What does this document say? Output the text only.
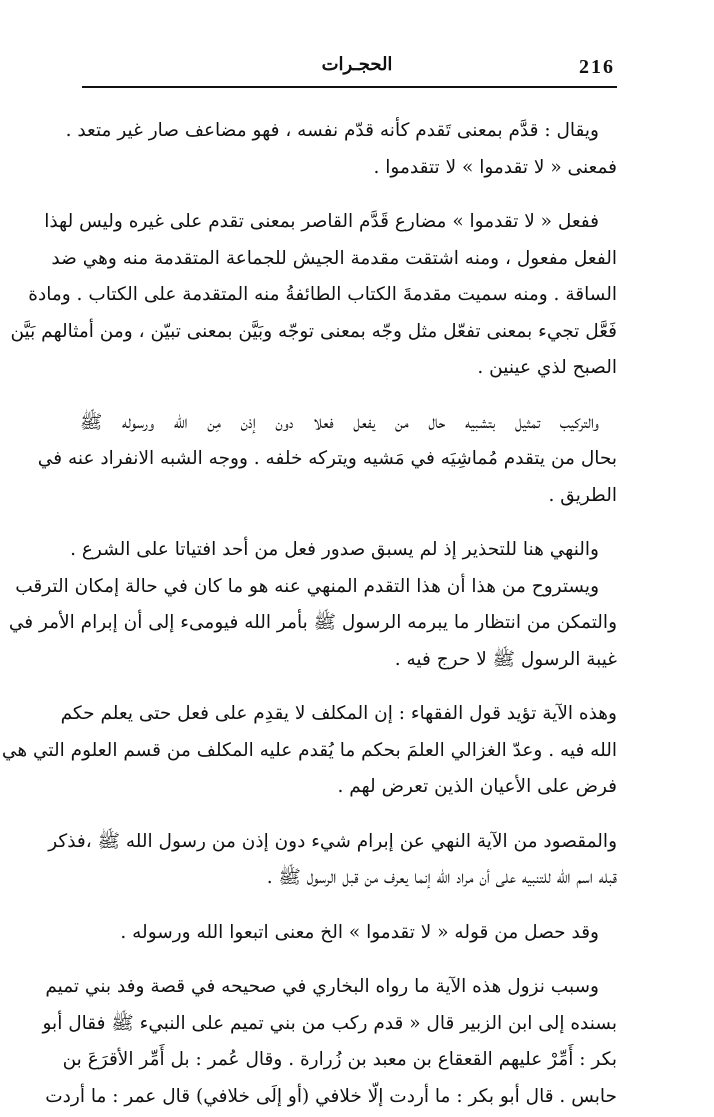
216
الحجـرات
ويقال : قدَّم بمعنى تَقدم كأنه قدّم نفسه ، فهو مضاعف صار غير متعد .
فمعنى « لا تقدموا » لا تتقدموا .
ففعل « لا تقدموا » مضارع قَدَّم القاصر بمعنى تقدم على غيره وليس لهذا
الفعل مفعول ، ومنه اشتقت مقدمة الجيش للجماعة المتقدمة منه وهي ضد
الساقة . ومنه سميت مقدمةَ الكتاب الطائفةُ منه المتقدمة على الكتاب . ومادة
فَعَّل تجيء بمعنى تفعّل مثل وجّه بمعنى توجّه وبَيَّن بمعنى تبيّن ، ومن أمثالهم بَيَّن
الصبح لذي عينين .
والتركيب تمثيل بتشبيه حال من يفعل فعلا دون إذن مِن الله ورسوله ﷺ
بحال من يتقدم مُماشِيَه في مَشيه ويتركه خلفه . ووجه الشبه الانفراد عنه في
الطريق .
والنهي هنا للتحذير إذ لم يسبق صدور فعل من أحد افتياتا على الشرع .
ويستروح من هذا أن هذا التقدم المنهي عنه هو ما كان في حالة إمكان الترقب
والتمكن من انتظار ما يبرمه الرسول ﷺ بأمر الله فيومىء إلى أن إبرام الأمر في
غيبة الرسول ﷺ لا حرج فيه .
وهذه الآية تؤيد قول الفقهاء : إن المكلف لا يقدِم على فعل حتى يعلم حكم
الله فيه . وعدّ الغزالي العلمَ بحكم ما يُقدم عليه المكلف من قسم العلوم التي هي
فرض على الأعيان الذين تعرض لهم .
والمقصود من الآية النهي عن إبرام شيء دون إذن من رسول الله ﷺ ،فذكر
قبله اسم الله للتنبيه على أن مراد الله إنما يعرف من قبل الرسول ﷺ .
وقد حصل من قوله « لا تقدموا » الخ معنى اتبعوا الله ورسوله .
وسبب نزول هذه الآية ما رواه البخاري في صحيحه في قصة وفد بني تميم
بسنده إلى ابن الزبير قال « قدم ركب من بني تميم على النبيء ﷺ فقال أبو
بكر : أَمِّرْ عليهم القعقاع بن معبد بن زُرارة . وقال عُمر : بل أَمِّر الأقرَعَ بن
حابس . قال أبو بكر : ما أردت إلّا خلافي (أو إلَى خلافي) قال عمر : ما أردت
